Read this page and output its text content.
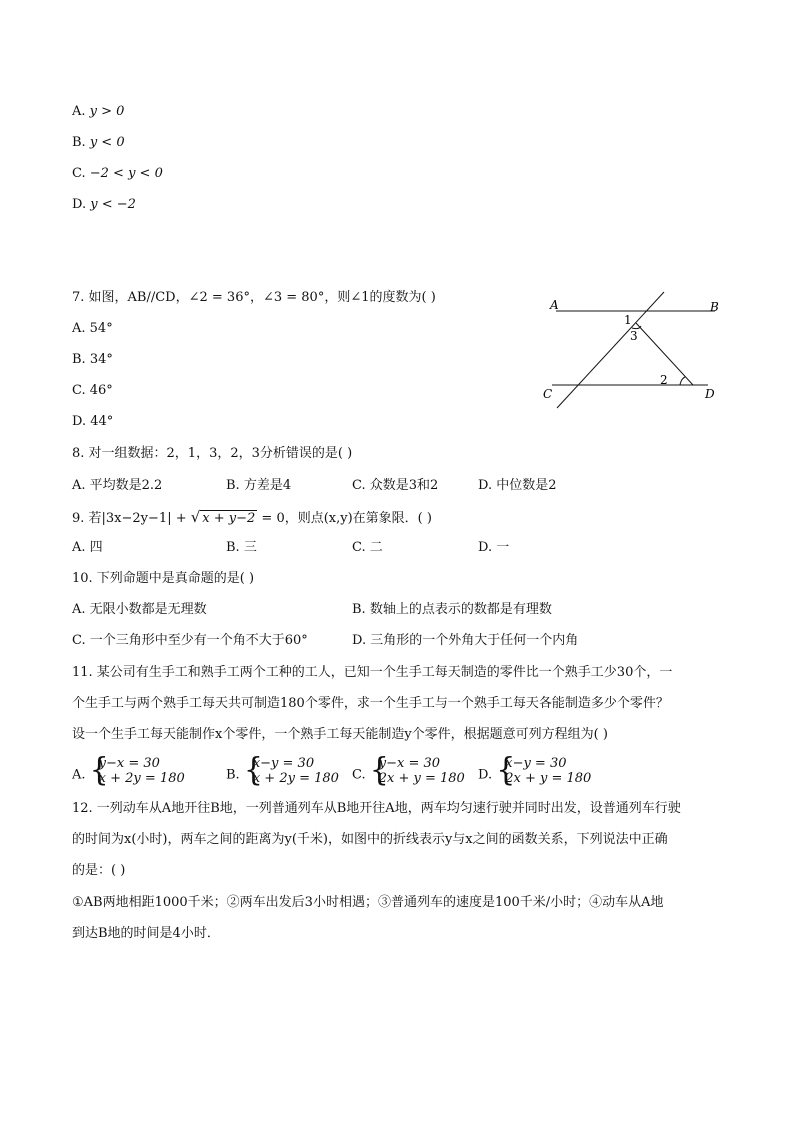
A. y > 0
B. y < 0
C. −2 < y < 0
D. y < −2
7. 如图，AB//CD，∠2 = 36°，∠3 = 80°，则∠1的度数为( )
A. 54°
B. 34°
C. 46°
D. 44°
A	B
C	D
1
3
2
8. 对一组数据：2，1，3，2，3分析错误的是( )
A. 平均数是2.2	B. 方差是4	C. 众数是3和2	D. 中位数是2
9. 若|3x−2y−1| + √ x + y−2 = 0，则点(x,y)在第象限．( )
A. 四	B. 三	C. 二	D. 一
10. 下列命题中是真命题的是( )
A. 无限小数都是无理数	B. 数轴上的点表示的数都是有理数
C. 一个三角形中至少有一个角不大于60°	D. 三角形的一个外角大于任何一个内角
11. 某公司有生手工和熟手工两个工种的工人，已知一个生手工每天制造的零件比一个熟手工少30个，一
个生手工与两个熟手工每天共可制造180个零件，求一个生手工与一个熟手工每天各能制造多少个零件？
设一个生手工每天能制作x个零件，一个熟手工每天能制造y个零件，根据题意可列方程组为( )
A. {
y−x = 30
x + 2y = 180	B. {
x−y = 30
x + 2y = 180 C. {
y−x = 30
2x + y = 180 D. {
x−y = 30
2x + y = 180
12. 一列动车从A地开往B地，一列普通列车从B地开往A地，两车均匀速行驶并同时出发，设普通列车行驶
的时间为x(小时)，两车之间的距离为y(千米)，如图中的折线表示y与x之间的函数关系，下列说法中正确
的是：( )
①AB两地相距1000千米；②两车出发后3小时相遇；③普通列车的速度是100千米/小时；④动车从A地
到达B地的时间是4小时．
